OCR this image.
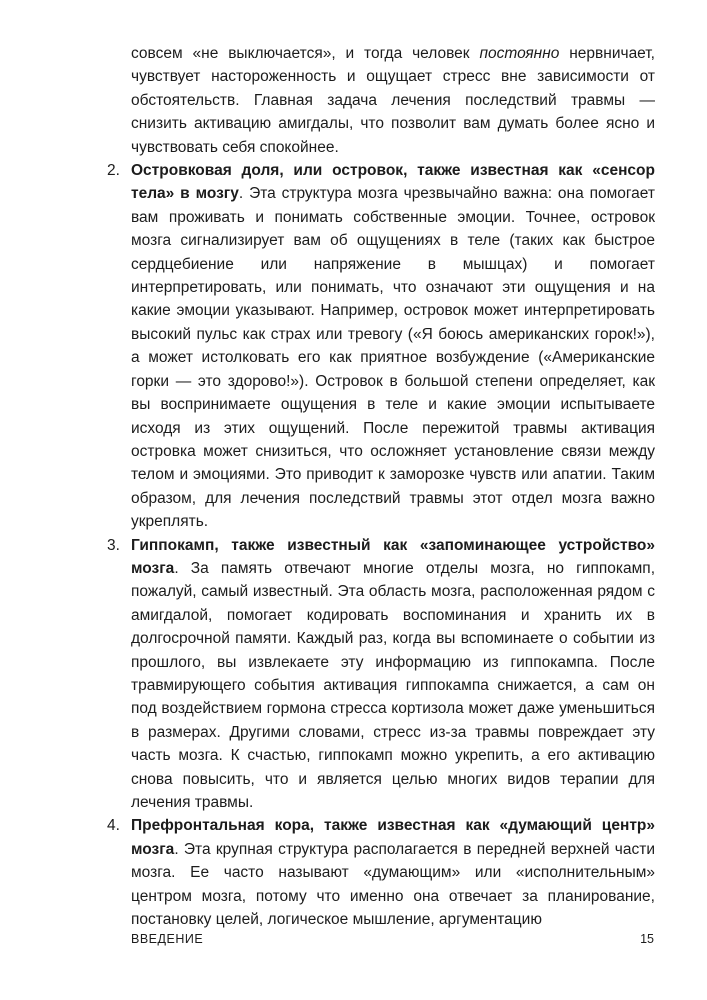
совсем «не выключается», и тогда человек постоянно нервничает, чувствует настороженность и ощущает стресс вне зависимости от обстоятельств. Главная задача лечения последствий травмы — снизить активацию амигдалы, что позволит вам думать более ясно и чувствовать себя спокойнее.

2. Островковая доля, или островок, также известная как «сенсор тела» в мозгу. Эта структура мозга чрезвычайно важна: она помогает вам проживать и понимать собственные эмоции. Точнее, островок мозга сигнализирует вам об ощущениях в теле (таких как быстрое сердцебиение или напряжение в мышцах) и помогает интерпретировать, или понимать, что означают эти ощущения и на какие эмоции указывают. Например, островок может интерпретировать высокий пульс как страх или тревогу («Я боюсь американских горок!»), а может истолковать его как приятное возбуждение («Американские горки — это здорово!»). Островок в большой степени определяет, как вы воспринимаете ощущения в теле и какие эмоции испытываете исходя из этих ощущений. После пережитой травмы активация островка может снизиться, что осложняет установление связи между телом и эмоциями. Это приводит к заморозке чувств или апатии. Таким образом, для лечения последствий травмы этот отдел мозга важно укреплять.
3. Гиппокамп, также известный как «запоминающее устройство» мозга. За память отвечают многие отделы мозга, но гиппокамп, пожалуй, самый известный. Эта область мозга, расположенная рядом с амигдалой, помогает кодировать воспоминания и хранить их в долгосрочной памяти. Каждый раз, когда вы вспоминаете о событии из прошлого, вы извлекаете эту информацию из гиппокампа. После травмирующего события активация гиппокампа снижается, а сам он под воздействием гормона стресса кортизола может даже уменьшиться в размерах. Другими словами, стресс из-за травмы повреждает эту часть мозга. К счастью, гиппокамп можно укрепить, а его активацию снова повысить, что и является целью многих видов терапии для лечения травмы.
4. Префронтальная кора, также известная как «думающий центр» мозга. Эта крупная структура располагается в передней верхней части мозга. Ее часто называют «думающим» или «исполнительным» центром мозга, потому что именно она отвечает за планирование, постановку целей, логическое мышление, аргументацию
ВВЕДЕНИЕ	15
